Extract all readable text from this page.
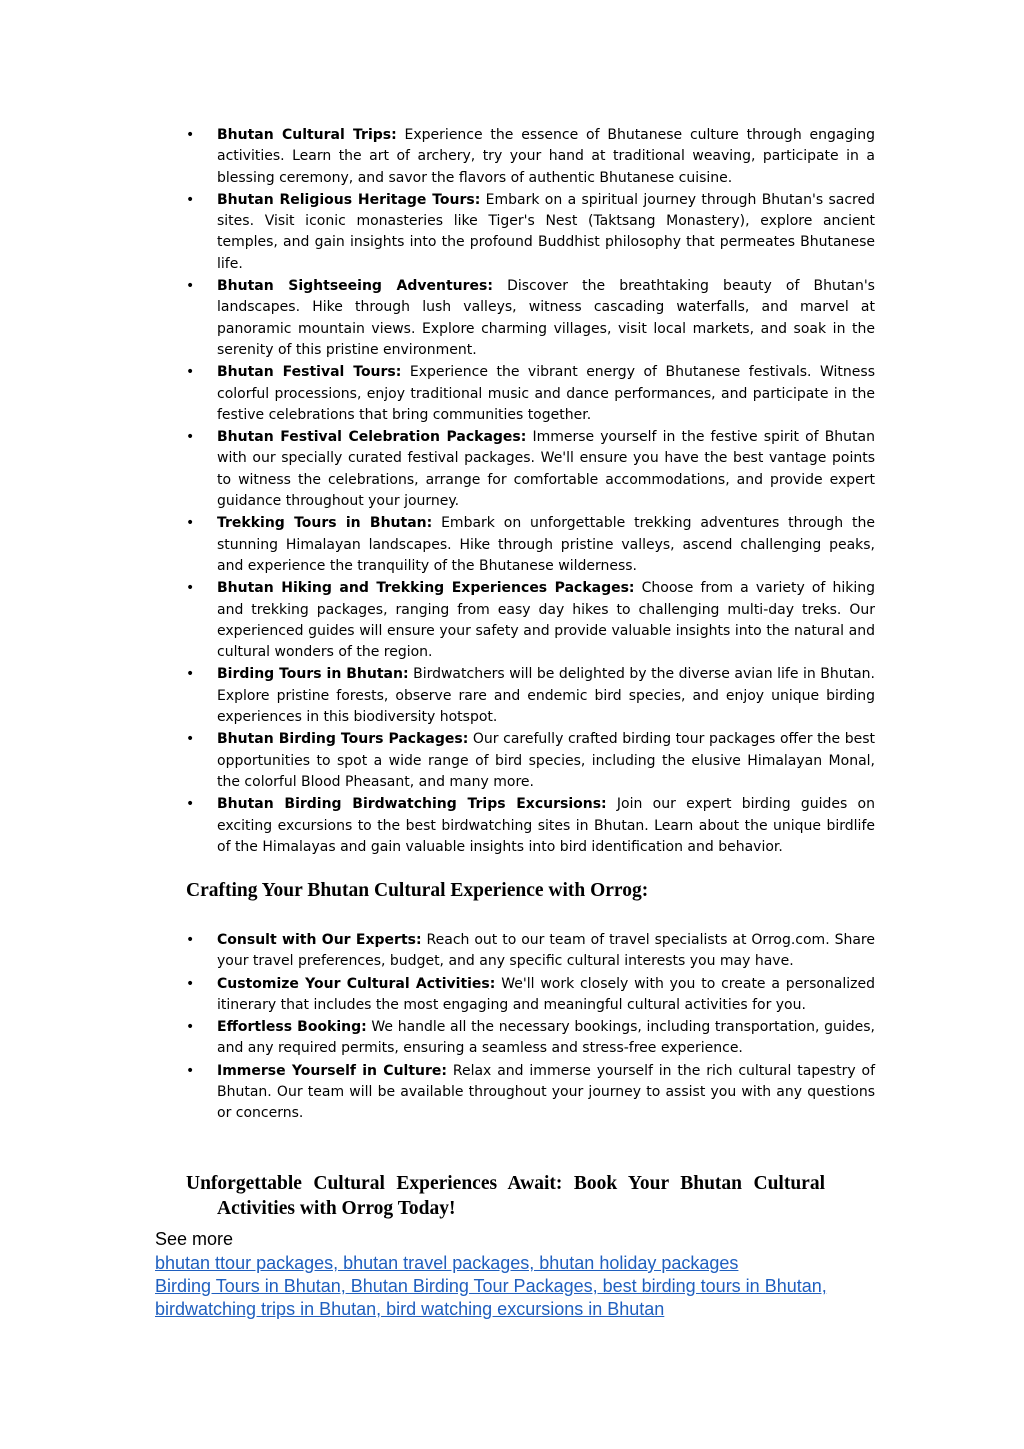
• Bhutan Cultural Trips: Experience the essence of Bhutanese culture through engaging activities. Learn the art of archery, try your hand at traditional weaving, participate in a blessing ceremony, and savor the flavors of authentic Bhutanese cuisine.
• Bhutan Religious Heritage Tours: Embark on a spiritual journey through Bhutan's sacred sites. Visit iconic monasteries like Tiger's Nest (Taktsang Monastery), explore ancient temples, and gain insights into the profound Buddhist philosophy that permeates Bhutanese life.
• Bhutan Sightseeing Adventures: Discover the breathtaking beauty of Bhutan's landscapes. Hike through lush valleys, witness cascading waterfalls, and marvel at panoramic mountain views. Explore charming villages, visit local markets, and soak in the serenity of this pristine environment.
• Bhutan Festival Tours: Experience the vibrant energy of Bhutanese festivals. Witness colorful processions, enjoy traditional music and dance performances, and participate in the festive celebrations that bring communities together.
• Bhutan Festival Celebration Packages: Immerse yourself in the festive spirit of Bhutan with our specially curated festival packages. We'll ensure you have the best vantage points to witness the celebrations, arrange for comfortable accommodations, and provide expert guidance throughout your journey.
• Trekking Tours in Bhutan: Embark on unforgettable trekking adventures through the stunning Himalayan landscapes. Hike through pristine valleys, ascend challenging peaks, and experience the tranquility of the Bhutanese wilderness.
• Bhutan Hiking and Trekking Experiences Packages: Choose from a variety of hiking and trekking packages, ranging from easy day hikes to challenging multi-day treks. Our experienced guides will ensure your safety and provide valuable insights into the natural and cultural wonders of the region.
• Birding Tours in Bhutan: Birdwatchers will be delighted by the diverse avian life in Bhutan. Explore pristine forests, observe rare and endemic bird species, and enjoy unique birding experiences in this biodiversity hotspot.
• Bhutan Birding Tours Packages: Our carefully crafted birding tour packages offer the best opportunities to spot a wide range of bird species, including the elusive Himalayan Monal, the colorful Blood Pheasant, and many more.
• Bhutan Birding Birdwatching Trips Excursions: Join our expert birding guides on exciting excursions to the best birdwatching sites in Bhutan. Learn about the unique birdlife of the Himalayas and gain valuable insights into bird identification and behavior.
Crafting Your Bhutan Cultural Experience with Orrog:
• Consult with Our Experts: Reach out to our team of travel specialists at Orrog.com. Share your travel preferences, budget, and any specific cultural interests you may have.
• Customize Your Cultural Activities: We'll work closely with you to create a personalized itinerary that includes the most engaging and meaningful cultural activities for you.
• Effortless Booking: We handle all the necessary bookings, including transportation, guides, and any required permits, ensuring a seamless and stress-free experience.
• Immerse Yourself in Culture: Relax and immerse yourself in the rich cultural tapestry of Bhutan. Our team will be available throughout your journey to assist you with any questions or concerns.
Unforgettable Cultural Experiences Await: Book Your Bhutan Cultural Activities with Orrog Today!
See more
bhutan ttour packages, bhutan travel packages, bhutan holiday packages
Birding Tours in Bhutan, Bhutan Birding Tour Packages, best birding tours in Bhutan, birdwatching trips in Bhutan, bird watching excursions in Bhutan
